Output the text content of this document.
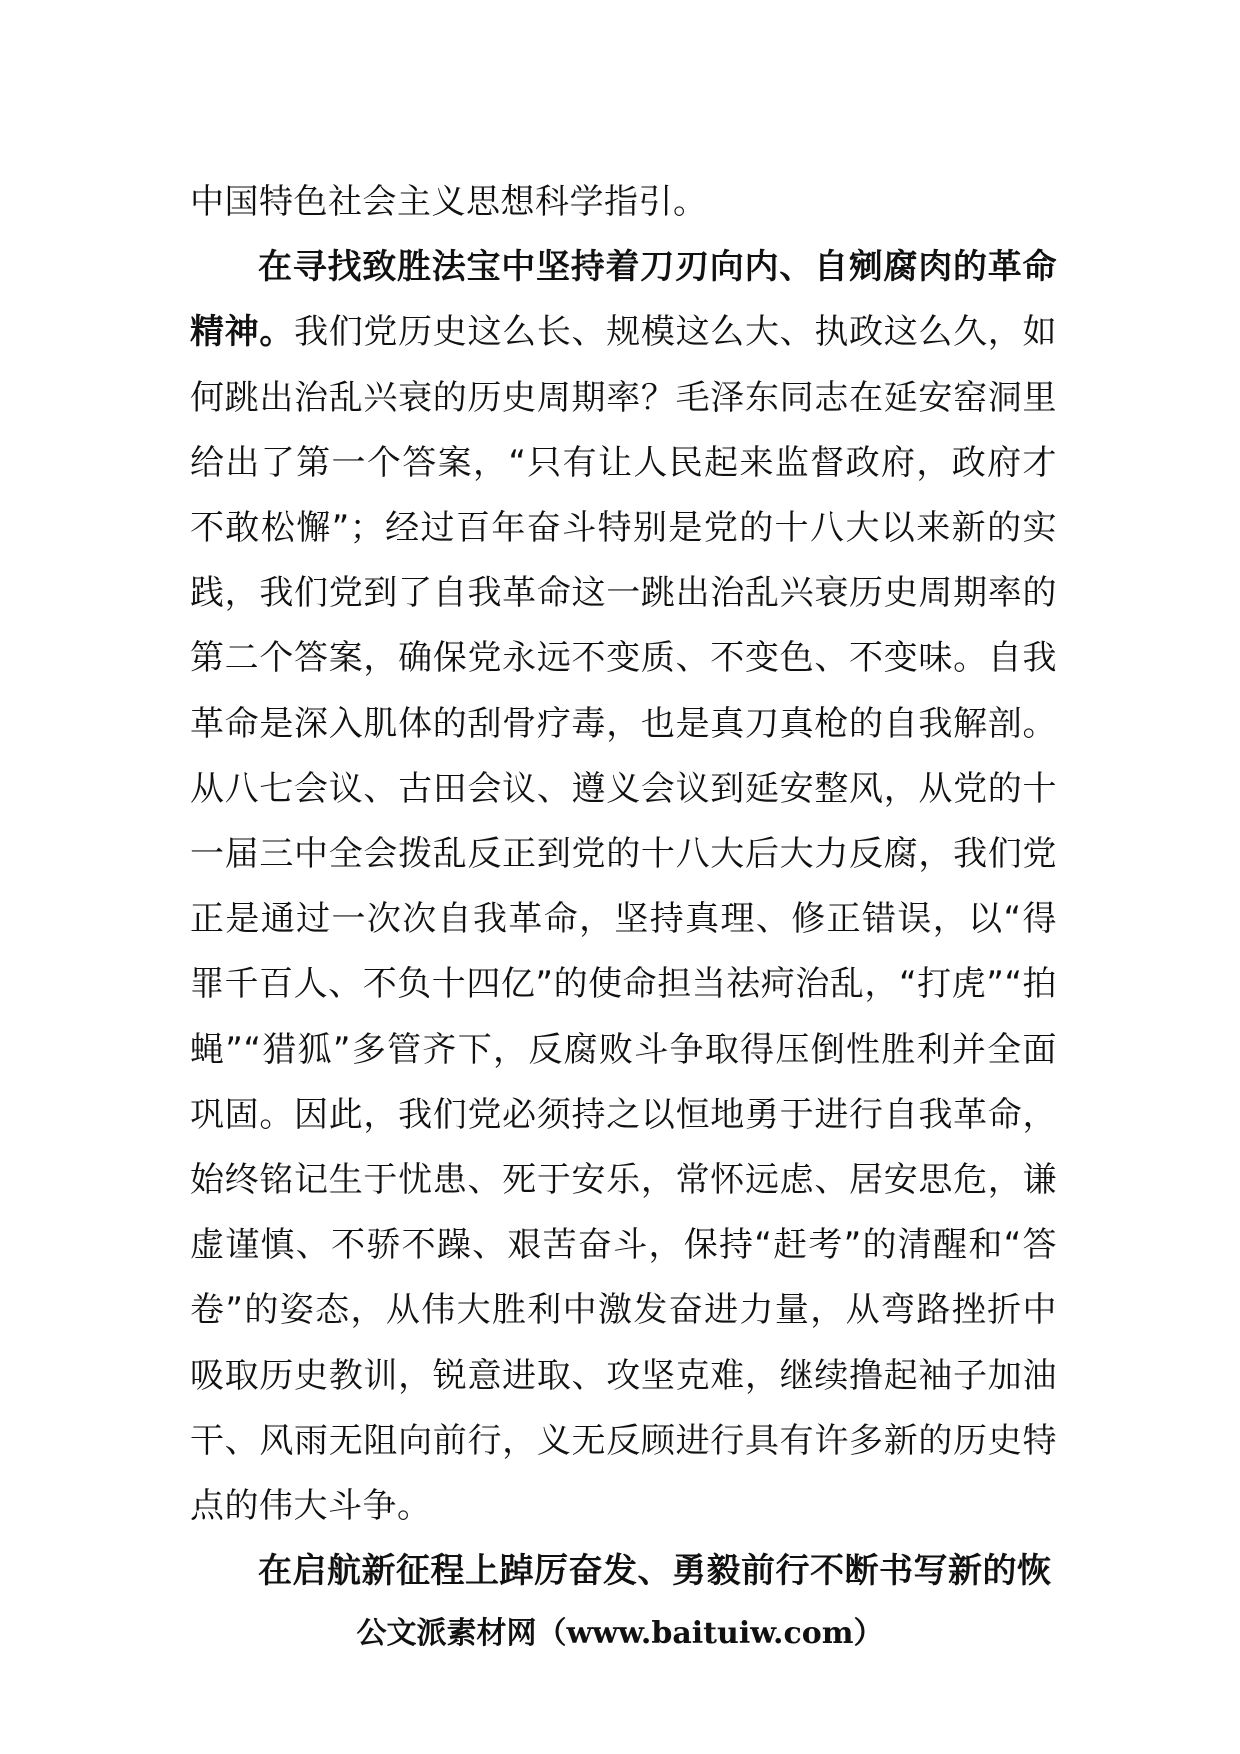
中国特色社会主义思想科学指引。

在寻找致胜法宝中坚持着刀刃向内、自剜腐肉的革命精神。我们党历史这么长、规模这么大、执政这么久，如何跳出治乱兴衰的历史周期率？毛泽东同志在延安窑洞里给出了第一个答案，“只有让人民起来监督政府，政府才不敢松懈”；经过百年奋斗特别是党的十八大以来新的实践，我们党到了自我革命这一跳出治乱兴衰历史周期率的第二个答案，确保党永远不变质、不变色、不变味。自我革命是深入肌体的刮骨疗毒，也是真刀真枪的自我解剖。从八七会议、古田会议、遵义会议到延安整风，从党的十一届三中全会拨乱反正到党的十八大后大力反腐，我们党正是通过一次次自我革命，坚持真理、修正错误，以“得罪千百人、不负十四亿”的使命担当祛疴治乱，“打虎”“拍蝇”“猎狐”多管齐下，反腐败斗争取得压倒性胜利并全面巩固。因此，我们党必须持之以恒地勇于进行自我革命，始终铭记生于忧患、死于安乐，常怀远虑、居安思危，谦虚谨慎、不骄不躁、艰苦奋斗，保持“赶考”的清醒和“答卷”的姿态，从伟大胜利中激发奋进力量，从弯路挫折中吸取历史教训，锐意进取、攻坚克难，继续撸起袖子加油干、风雨无阻向前行，义无反顾进行具有许多新的历史特点的伟大斗争。

在启航新征程上踔厉奋发、勇毅前行不断书写新的恢

公文派素材网（www.baituiw.com）
